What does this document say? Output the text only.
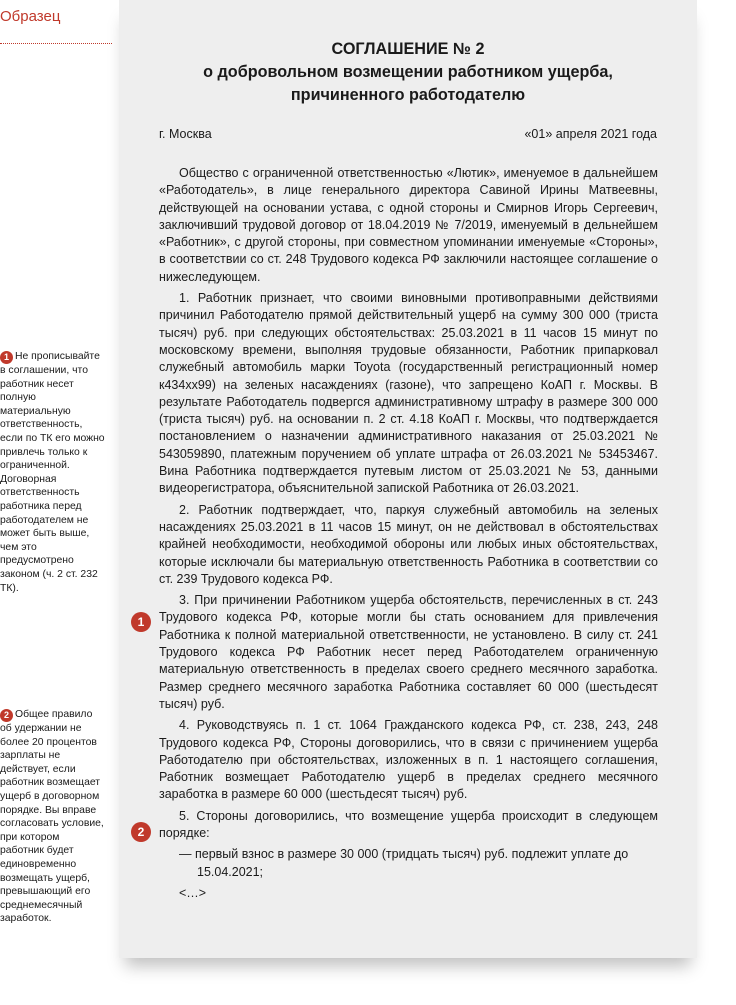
Образец
1 Не прописывайте в соглашении, что работник несет полную материальную ответственность, если по ТК его можно привлечь только к ограниченной. Договорная ответственность работника перед работодателем не может быть выше, чем это предусмотрено законом (ч. 2 ст. 232 ТК).
2 Общее правило об удержании не более 20 процентов зарплаты не действует, если работник возмещает ущерб в договорном порядке. Вы вправе согласовать условие, при котором работник будет единовременно возмещать ущерб, превышающий его среднемесячный заработок.
СОГЛАШЕНИЕ № 2
о добровольном возмещении работником ущерба,
причиненного работодателю
г. Москва	«01» апреля 2021 года

Общество с ограниченной ответственностью «Лютик», именуемое в дальнейшем «Работодатель», в лице генерального директора Савиной Ирины Матвеевны, действующей на основании устава, с одной стороны и Смирнов Игорь Сергеевич, заключивший трудовой договор от 18.04.2019 № 7/2019, именуемый в дельнейшем «Работник», с другой стороны, при совместном упоминании именуемые «Стороны», в соответствии со ст. 248 Трудового кодекса РФ заключили настоящее соглашение о нижеследующем.

1. Работник признает, что своими виновными противоправными действиями причинил Работодателю прямой действительный ущерб на сумму 300 000 (триста тысяч) руб. при следующих обстоятельствах: 25.03.2021 в 11 часов 15 минут по московскому времени, выполняя трудовые обязанности, Работник припарковал служебный автомобиль марки Toyota (государственный регистрационный номер к434хх99) на зеленых насаждениях (газоне), что запрещено КоАП г. Москвы. В результате Работодатель подвергся административному штрафу в размере 300 000 (триста тысяч) руб. на основании п. 2 ст. 4.18 КоАП г. Москвы, что подтверждается постановлением о назначении административного наказания от 25.03.2021 № 543059890, платежным поручением об уплате штрафа от 26.03.2021 № 53453467. Вина Работника подтверждается путевым листом от 25.03.2021 № 53, данными видеорегистратора, объяснительной запиской Работника от 26.03.2021.

2. Работник подтверждает, что, паркуя служебный автомобиль на зеленых насаждениях 25.03.2021 в 11 часов 15 минут, он не действовал в обстоятельствах крайней необходимости, необходимой обороны или любых иных обстоятельствах, которые исключали бы материальную ответственность Работника в соответствии со ст. 239 Трудового кодекса РФ.

3. При причинении Работником ущерба обстоятельств, перечисленных в ст. 243 Трудового кодекса РФ, которые могли бы стать основанием для привлечения Работника к полной материальной ответственности, не установлено. В силу ст. 241 Трудового кодекса РФ Работник несет перед Работодателем ограниченную материальную ответственность в пределах своего среднего месячного заработка. Размер среднего месячного заработка Работника составляет 60 000 (шестьдесят тысяч) руб.

4. Руководствуясь п. 1 ст. 1064 Гражданского кодекса РФ, ст. 238, 243, 248 Трудового кодекса РФ, Стороны договорились, что в связи с причинением ущерба Работодателю при обстоятельствах, изложенных в п. 1 настоящего соглашения, Работник возмещает Работодателю ущерб в пределах среднего месячного заработка в размере 60 000 (шестьдесят тысяч) руб.

5. Стороны договорились, что возмещение ущерба происходит в следующем порядке:

— первый взнос в размере 30 000 (тридцать тысяч) руб. подлежит уплате до 15.04.2021;

<…>

1
2
